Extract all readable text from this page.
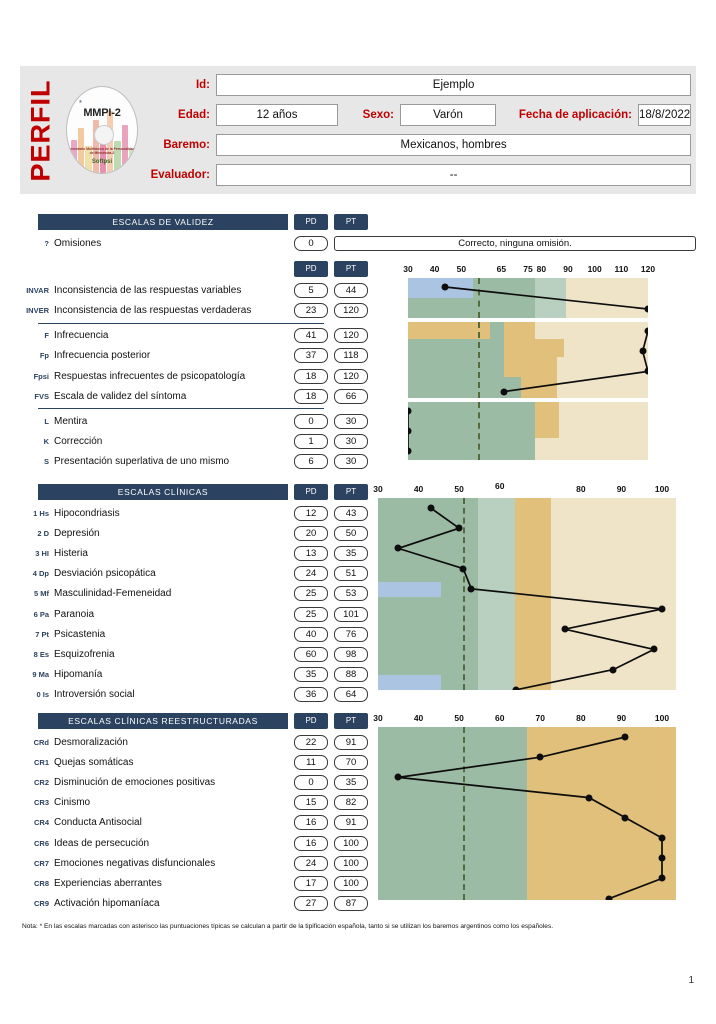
PERFIL	®
MMPI-2
Inventario Multifásico de la Personalidad de Minnesota-2
Softpsi
Id:	Ejemplo
Edad:	12 años	Sexo:	Varón	Fecha de aplicación: 18/8/2022
Baremo:	Mexicanos, hombres
Evaluador:	--
ESCALAS DE VALIDEZ	PD	PT
? Omisiones	0	Correcto, ninguna omisión.
PD	PT
INVAR Inconsistencia de las respuestas variables	5	44
INVER Inconsistencia de las respuestas verdaderas	23	120
F Infrecuencia	41	120
Fp Infrecuencia posterior	37	118
Fpsi Respuestas infrecuentes de psicopatología	18	120
FVS Escala de validez del síntoma	18	66
L Mentira	0	30
K Corrección	1	30
S Presentación superlativa de uno mismo	6	30
30 40 50	65 75 80 90 100 110 120
ESCALAS CLÍNICAS	PD	PT
1 Hs Hipocondriasis	12	43
2 D Depresión	20	50
3 HI Histeria	13	35
4 Dp Desviación psicopática	24	51
5 Mf Masculinidad-Femeneidad	25	53
6 Pa Paranoia	25	101
7 Pt Psicastenia	40	76
8 Es Esquizofrenia	60	98
9 Ma Hipomanía	35	88
0 Is Introversión social	36	64
30	40	50	60	80	90	100
ESCALAS CLÍNICAS REESTRUCTURADAS	PD	PT
CRd Desmoralización	22	91
CR1 Quejas somáticas	11	70
CR2 Disminución de emociones positivas	0	35
CR3 Cinismo	15	82
CR4 Conducta Antisocial	16	91
CR6 Ideas de persecución	16	100
CR7 Emociones negativas disfuncionales	24	100
CR8 Experiencias aberrantes	17	100
CR9 Activación hipomaníaca	27	87
30	40	50	60	70	80	90	100
Nota: * En las escalas marcadas con asterisco las puntuaciones típicas se calculan a partir de la tipificación española, tanto si se utilizan los baremos argentinos como los españoles.
1
